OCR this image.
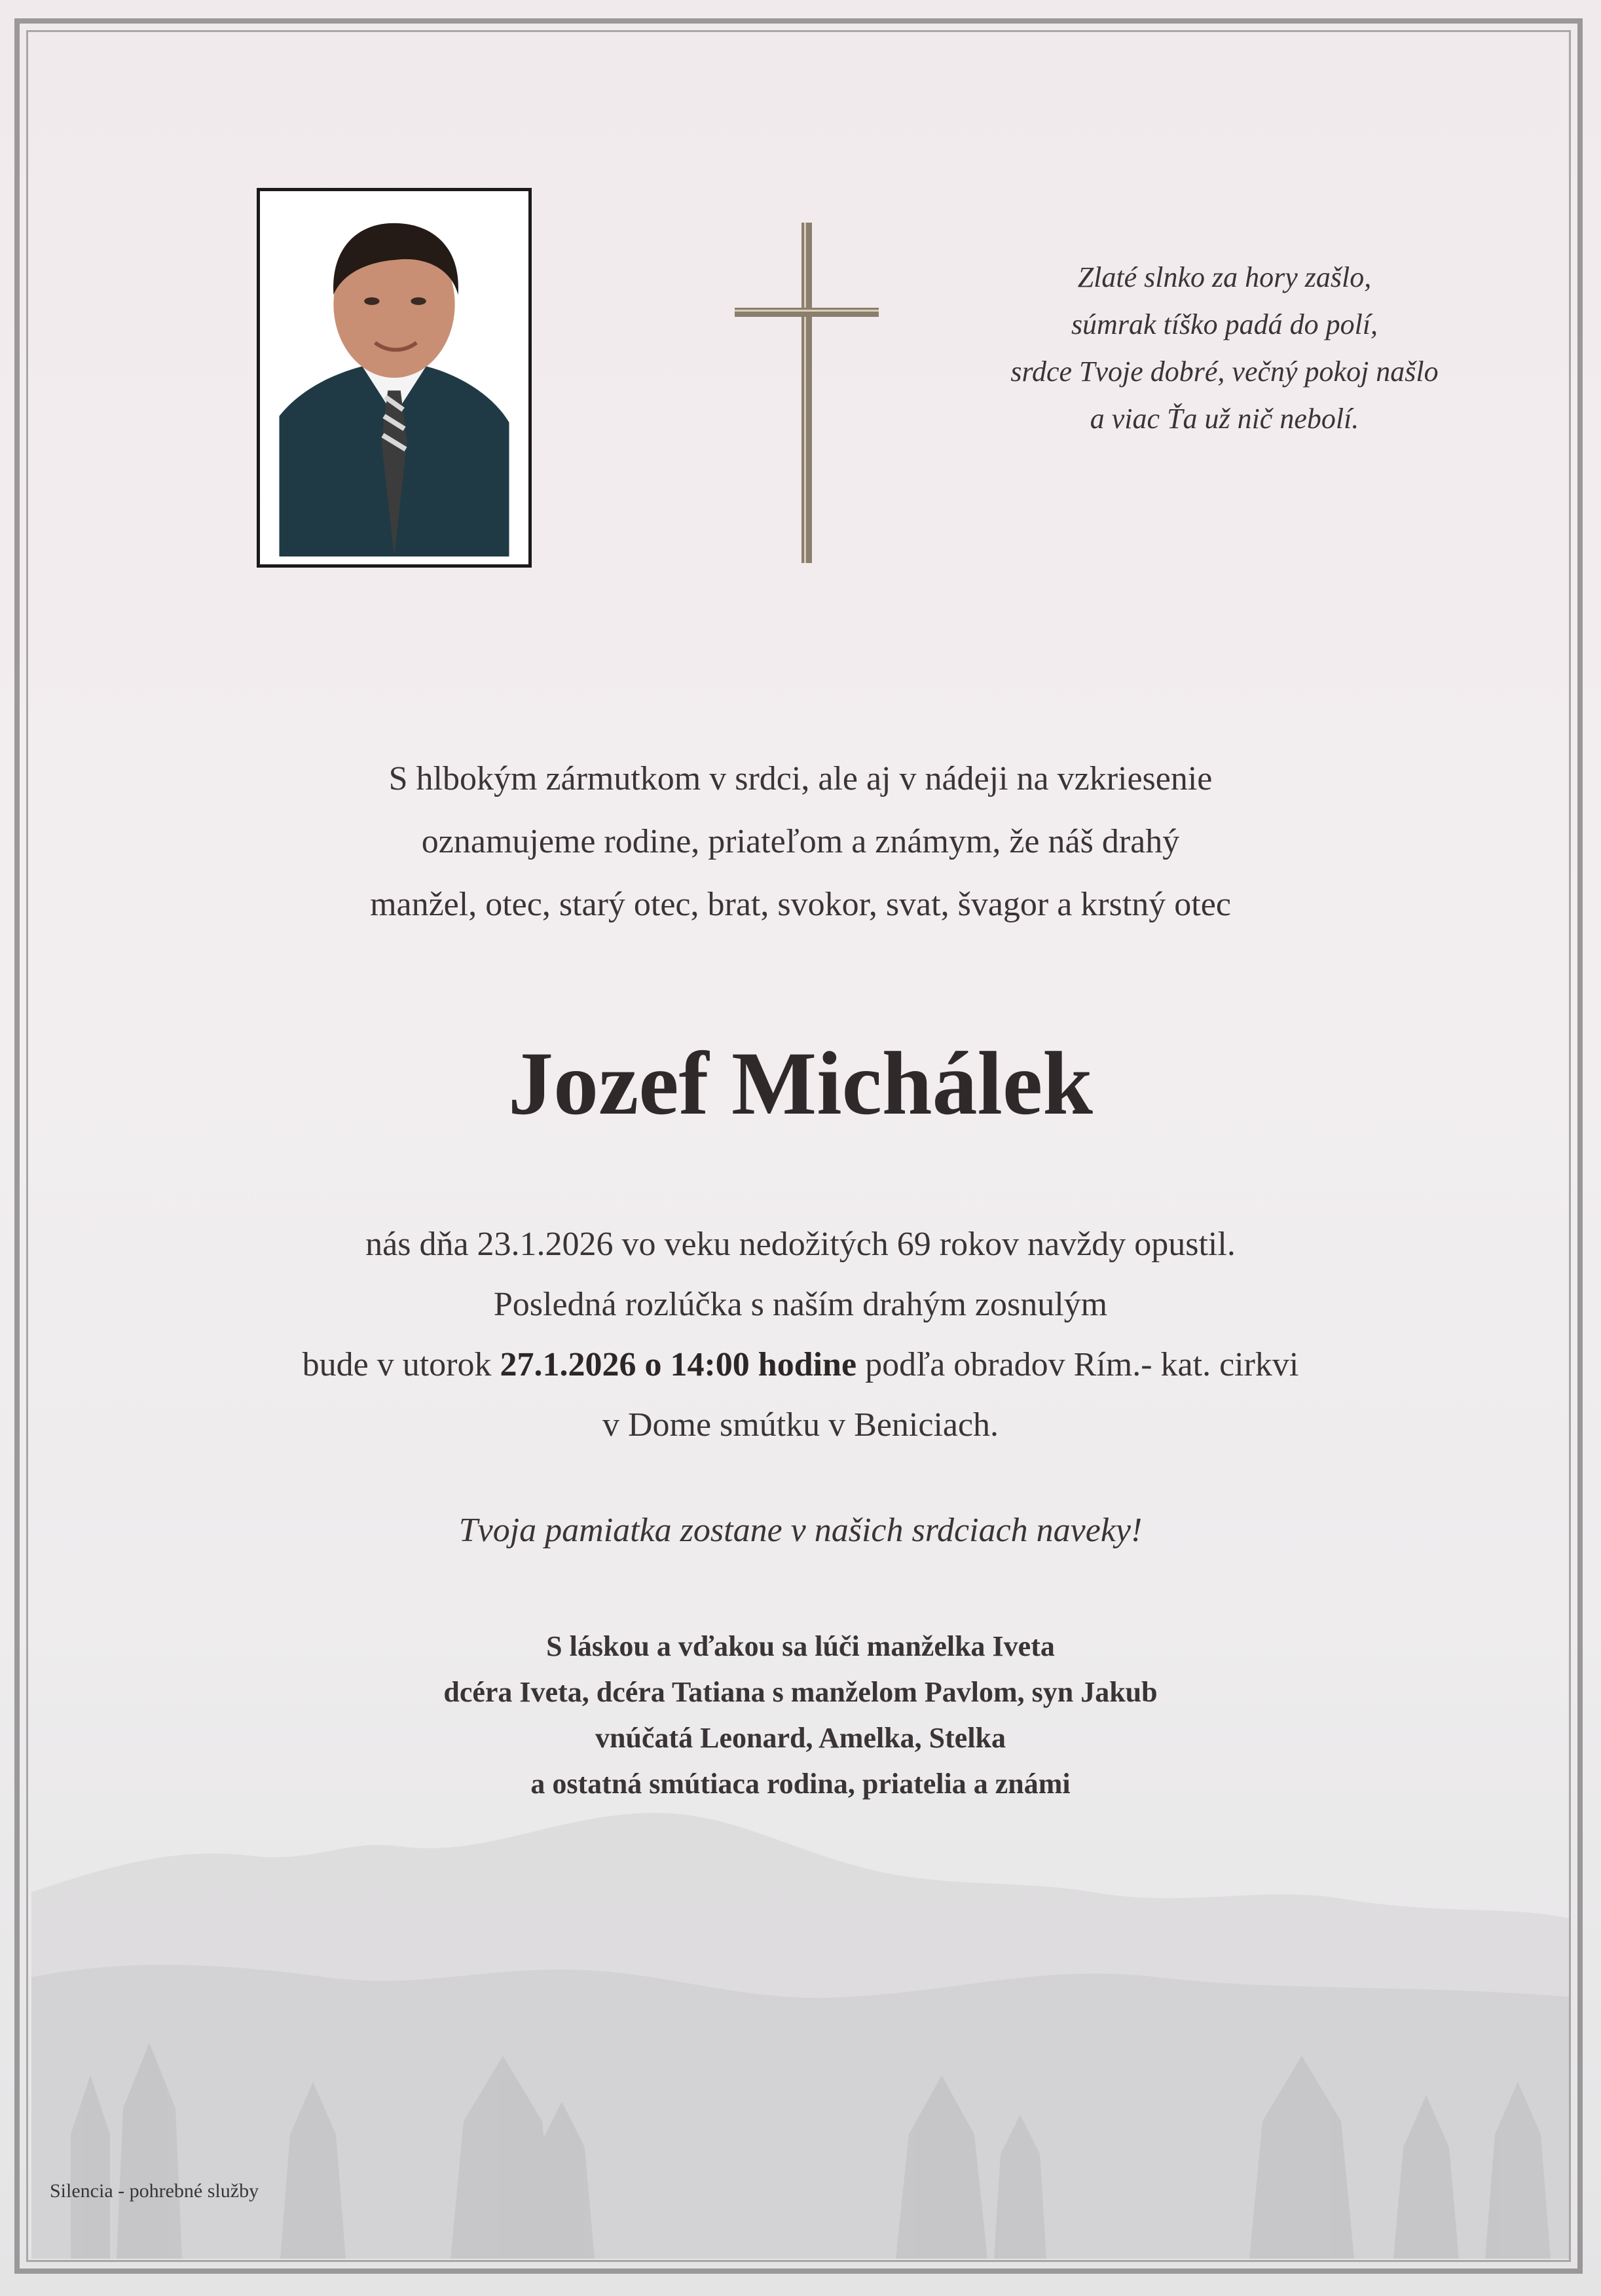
Zlaté slnko za hory zašlo,
súmrak tíško padá do polí,
srdce Tvoje dobré, večný pokoj našlo
a viac Ťa už nič nebolí.
S hlbokým zármutkom v srdci, ale aj v nádeji na vzkriesenie
oznamujeme rodine, priateľom a známym, že náš drahý
manžel, otec, starý otec, brat, svokor, svat, švagor a krstný otec
Jozef Michálek
nás dňa 23.1.2026 vo veku nedožitých 69 rokov navždy opustil.
Posledná rozlúčka s naším drahým zosnulým
bude v utorok 27.1.2026 o 14:00 hodine podľa obradov Rím.- kat. cirkvi
v Dome smútku v Beniciach.
Tvoja pamiatka zostane v našich srdciach naveky!
S láskou a vďakou sa lúči manželka Iveta
dcéra Iveta, dcéra Tatiana s manželom Pavlom, syn Jakub
vnúčatá Leonard, Amelka, Stelka
a ostatná smútiaca rodina, priatelia a známi
Silencia - pohrebné služby
